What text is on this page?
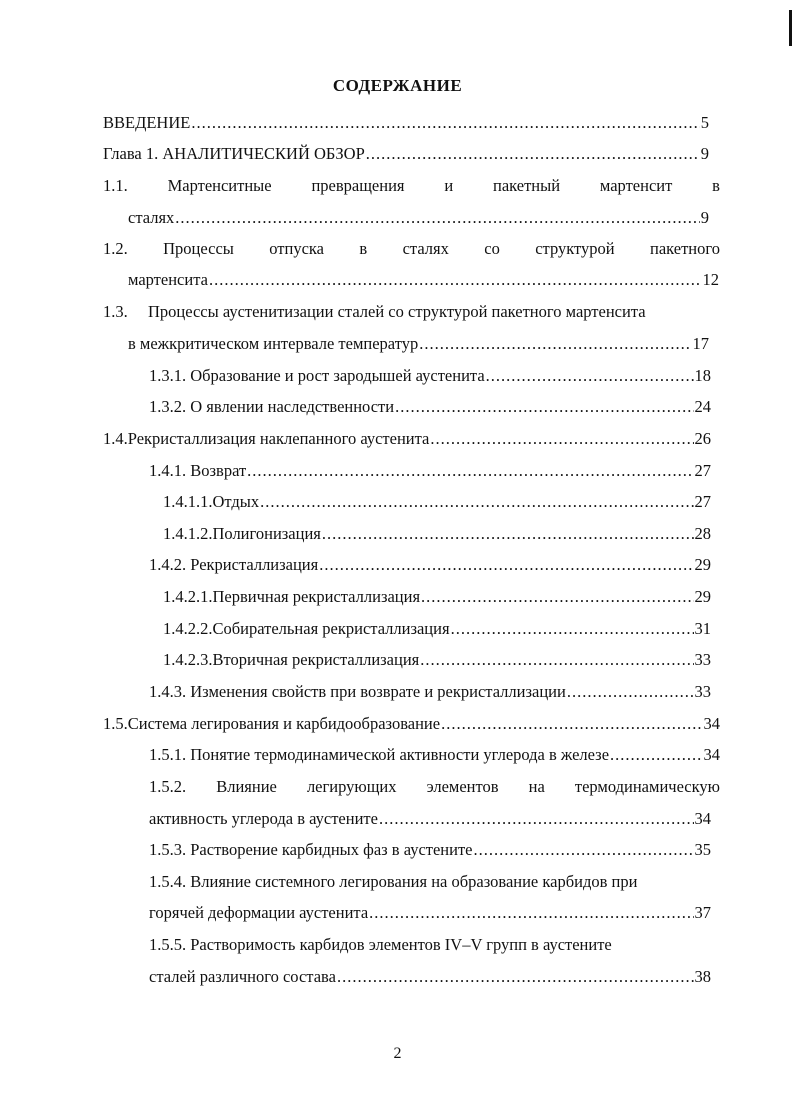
СОДЕРЖАНИЕ
ВВЕДЕНИЕ .....	5
Глава 1. АНАЛИТИЧЕСКИЙ ОБЗОР .....	9
1.1. Мартенситные превращения и пакетный мартенсит в
сталях .....	9
1.2. Процессы отпуска в сталях со структурой пакетного
мартенсита .....	12
1.3. Процессы аустенитизации сталей со структурой пакетного мартенсита
в межкритическом интервале температур .....	17
1.3.1. Образование и рост зародышей аустенита .....	18
1.3.2. О явлении наследственности .....	24
1.4. Рекристаллизация наклепанного аустенита .....	26
1.4.1. Возврат .....	27
1.4.1.1. Отдых .....	27
1.4.1.2. Полигонизация .....	28
1.4.2. Рекристаллизация .....	29
1.4.2.1. Первичная рекристаллизация .....	29
1.4.2.2. Собирательная рекристаллизация .....	31
1.4.2.3. Вторичная рекристаллизация .....	33
1.4.3. Изменения свойств при возврате и рекристаллизации .....	33
1.5. Система легирования и карбидообразование .....	34
1.5.1. Понятие термодинамической активности углерода в железе .....	34
1.5.2. Влияние легирующих элементов на термодинамическую
активность углерода в аустените .....	34
1.5.3. Растворение карбидных фаз в аустените .....	35
1.5.4. Влияние системного легирования на образование карбидов при
горячей деформации аустенита .....	37
1.5.5. Растворимость карбидов элементов IV–V групп в аустените
сталей различного состава .....	38
2
